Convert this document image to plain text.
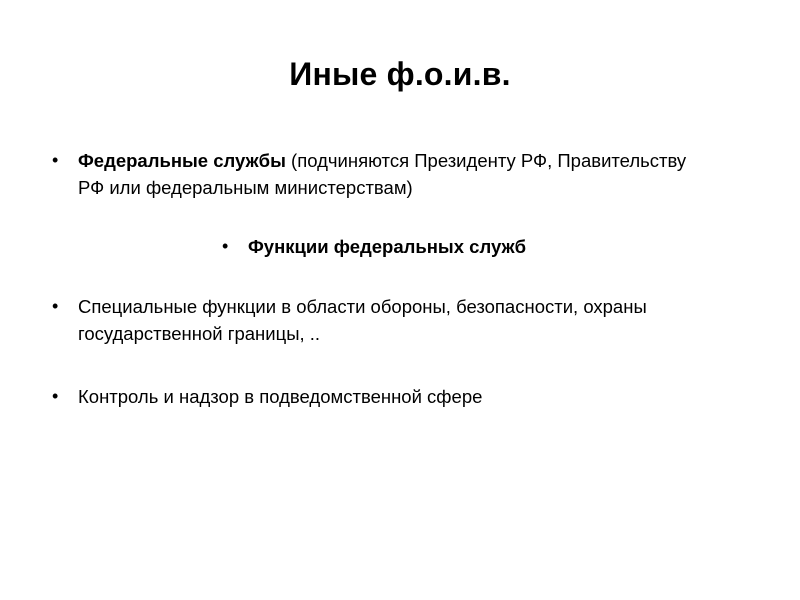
Иные ф.о.и.в.
• Федеральные службы (подчиняются Президенту РФ, Правительству РФ или федеральным министерствам)
• Функции федеральных служб
• Специальные функции в области обороны, безопасности, охраны государственной границы, ..
• Контроль и надзор в подведомственной сфере
